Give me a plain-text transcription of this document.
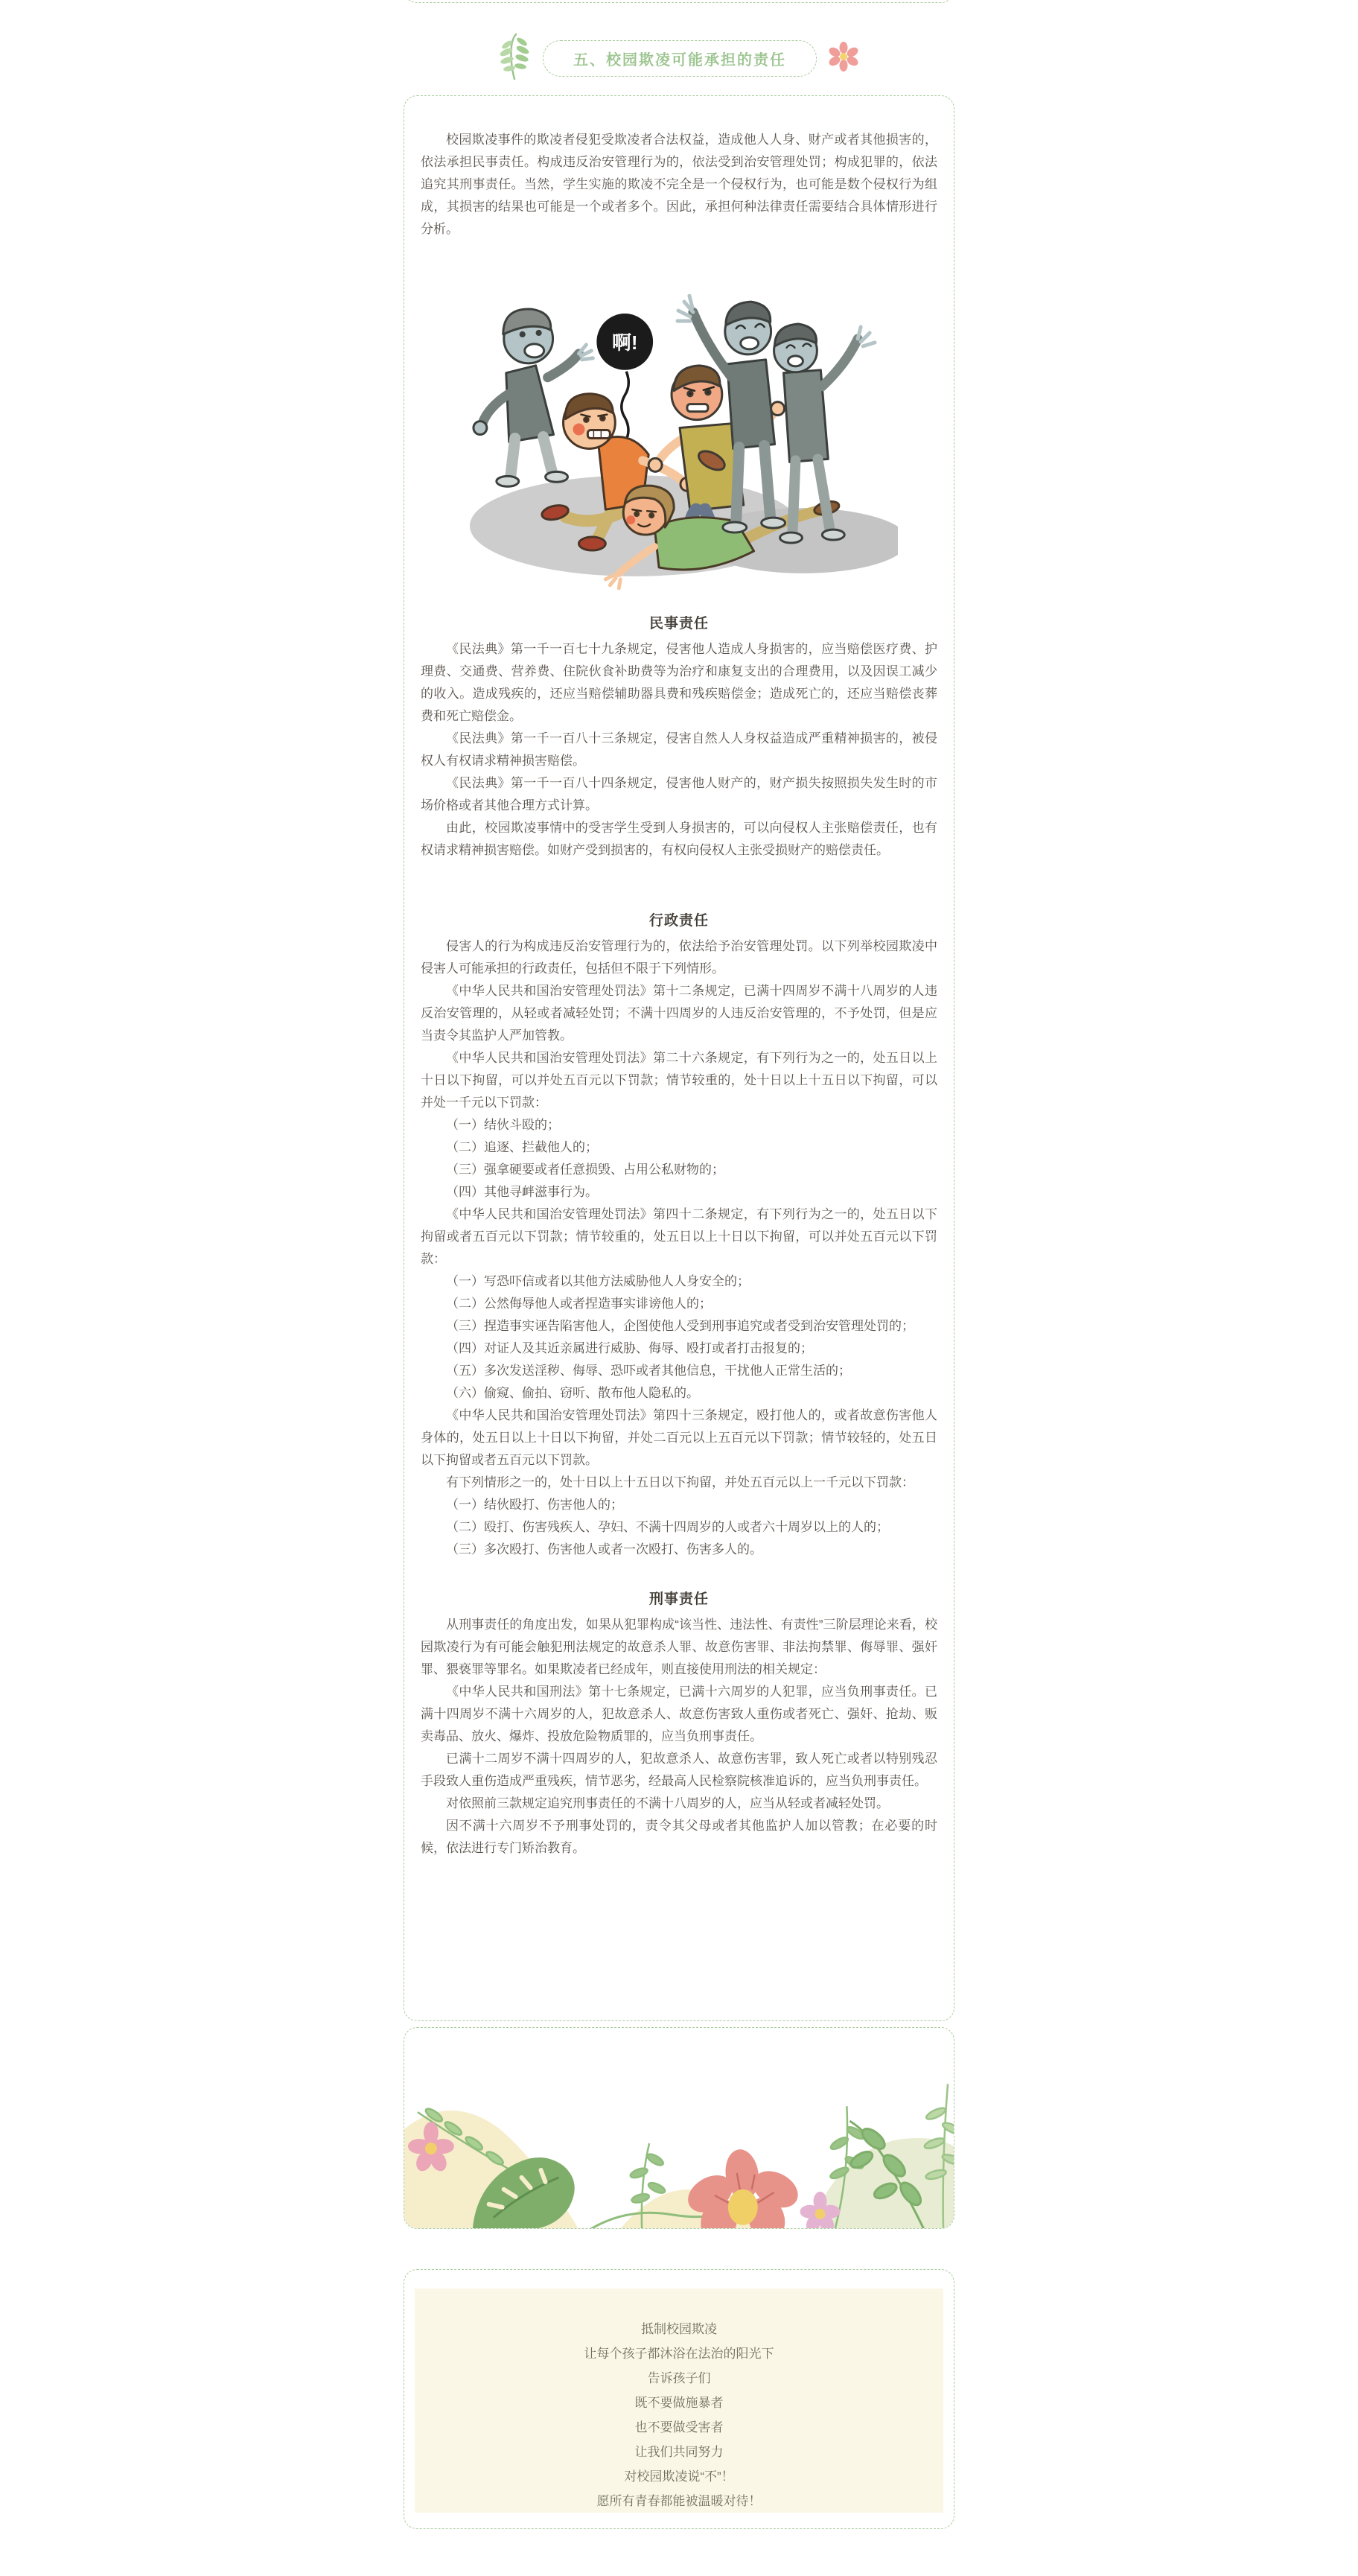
五、校园欺凌可能承担的责任

校园欺凌事件的欺凌者侵犯受欺凌者合法权益，造成他人人身、财产或者其他损害的，依法承担民事责任。构成违反治安管理行为的，依法受到治安管理处罚；构成犯罪的，依法追究其刑事责任。当然，学生实施的欺凌不完全是一个侵权行为，也可能是数个侵权行为组成，其损害的结果也可能是一个或者多个。因此，承担何种法律责任需要结合具体情形进行分析。

啊!
民事责任

《民法典》第一千一百七十九条规定，侵害他人造成人身损害的，应当赔偿医疗费、护理费、交通费、营养费、住院伙食补助费等为治疗和康复支出的合理费用，以及因误工减少的收入。造成残疾的，还应当赔偿辅助器具费和残疾赔偿金；造成死亡的，还应当赔偿丧葬费和死亡赔偿金。

《民法典》第一千一百八十三条规定，侵害自然人人身权益造成严重精神损害的，被侵权人有权请求精神损害赔偿。

《民法典》第一千一百八十四条规定，侵害他人财产的，财产损失按照损失发生时的市场价格或者其他合理方式计算。

由此，校园欺凌事情中的受害学生受到人身损害的，可以向侵权人主张赔偿责任，也有权请求精神损害赔偿。如财产受到损害的，有权向侵权人主张受损财产的赔偿责任。

行政责任

侵害人的行为构成违反治安管理行为的，依法给予治安管理处罚。以下列举校园欺凌中侵害人可能承担的行政责任，包括但不限于下列情形。

《中华人民共和国治安管理处罚法》第十二条规定，已满十四周岁不满十八周岁的人违反治安管理的，从轻或者减轻处罚；不满十四周岁的人违反治安管理的，不予处罚，但是应当责令其监护人严加管教。

《中华人民共和国治安管理处罚法》第二十六条规定，有下列行为之一的，处五日以上十日以下拘留，可以并处五百元以下罚款；情节较重的，处十日以上十五日以下拘留，可以并处一千元以下罚款：

（一）结伙斗殴的；

（二）追逐、拦截他人的；

（三）强拿硬要或者任意损毁、占用公私财物的；

（四）其他寻衅滋事行为。

《中华人民共和国治安管理处罚法》第四十二条规定，有下列行为之一的，处五日以下拘留或者五百元以下罚款；情节较重的，处五日以上十日以下拘留，可以并处五百元以下罚款：

（一）写恐吓信或者以其他方法威胁他人人身安全的；

（二）公然侮辱他人或者捏造事实诽谤他人的；

（三）捏造事实诬告陷害他人，企图使他人受到刑事追究或者受到治安管理处罚的；

（四）对证人及其近亲属进行威胁、侮辱、殴打或者打击报复的；

（五）多次发送淫秽、侮辱、恐吓或者其他信息，干扰他人正常生活的；

（六）偷窥、偷拍、窃听、散布他人隐私的。

《中华人民共和国治安管理处罚法》第四十三条规定，殴打他人的，或者故意伤害他人身体的，处五日以上十日以下拘留，并处二百元以上五百元以下罚款；情节较轻的，处五日以下拘留或者五百元以下罚款。

有下列情形之一的，处十日以上十五日以下拘留，并处五百元以上一千元以下罚款：

（一）结伙殴打、伤害他人的；

（二）殴打、伤害残疾人、孕妇、不满十四周岁的人或者六十周岁以上的人的；

（三）多次殴打、伤害他人或者一次殴打、伤害多人的。

刑事责任

从刑事责任的角度出发，如果从犯罪构成“该当性、违法性、有责性”三阶层理论来看，校园欺凌行为有可能会触犯刑法规定的故意杀人罪、故意伤害罪、非法拘禁罪、侮辱罪、强奸罪、猥亵罪等罪名。如果欺凌者已经成年，则直接使用刑法的相关规定：

《中华人民共和国刑法》第十七条规定，已满十六周岁的人犯罪，应当负刑事责任。已满十四周岁不满十六周岁的人，犯故意杀人、故意伤害致人重伤或者死亡、强奸、抢劫、贩卖毒品、放火、爆炸、投放危险物质罪的，应当负刑事责任。

已满十二周岁不满十四周岁的人，犯故意杀人、故意伤害罪，致人死亡或者以特别残忍手段致人重伤造成严重残疾，情节恶劣，经最高人民检察院核准追诉的，应当负刑事责任。

对依照前三款规定追究刑事责任的不满十八周岁的人，应当从轻或者减轻处罚。

因不满十六周岁不予刑事处罚的，责令其父母或者其他监护人加以管教；在必要的时候，依法进行专门矫治教育。

抵制校园欺凌

让每个孩子都沐浴在法治的阳光下

告诉孩子们

既不要做施暴者

也不要做受害者

让我们共同努力

对校园欺凌说“不”！

愿所有青春都能被温暖对待！
